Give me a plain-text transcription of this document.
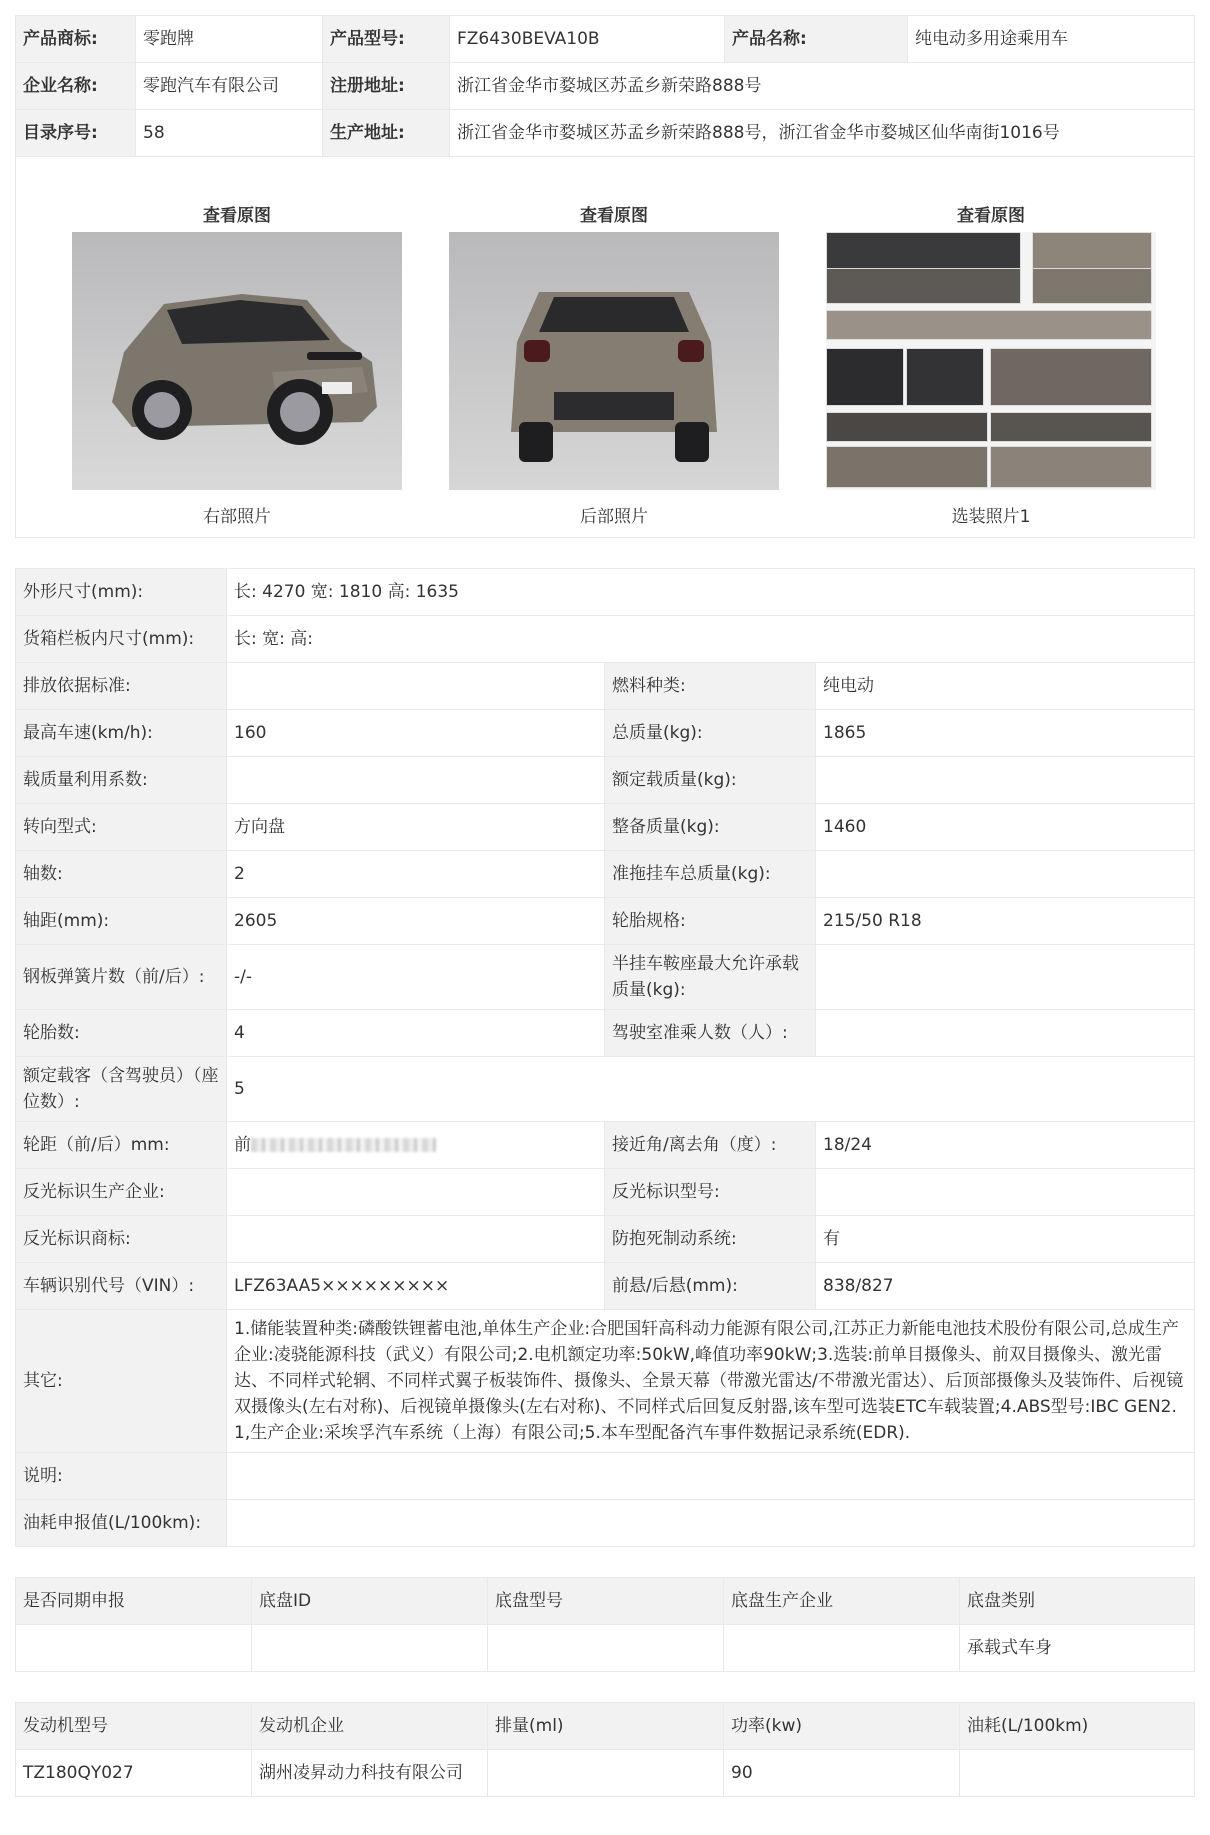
产品商标:	零跑牌	产品型号:	FZ6430BEVA10B	产品名称:	纯电动多用途乘用车
企业名称:	零跑汽车有限公司	注册地址:	浙江省金华市婺城区苏孟乡新荣路888号		
目录序号:	58	生产地址:	浙江省金华市婺城区苏孟乡新荣路888号，浙江省金华市婺城区仙华南街1016号		
查看原图
右部照片
查看原图
后部照片
查看原图
选装照片1
外形尺寸(mm):	长: 4270 宽: 1810 高: 1635		
货箱栏板内尺寸(mm):	长: 宽: 高:		
排放依据标准:		燃料种类:	纯电动
最高车速(km/h):	160	总质量(kg):	1865
载质量利用系数:		额定载质量(kg):	
转向型式:	方向盘	整备质量(kg):	1460
轴数:	2	准拖挂车总质量(kg):	
轴距(mm):	2605	轮胎规格:	215/50 R18
钢板弹簧片数（前/后）:	-/-	半挂车鞍座最大允许承载质量(kg):	
轮胎数:	4	驾驶室准乘人数（人）:	
额定载客（含驾驶员）（座位数）:	5		
轮距（前/后）mm:	前	接近角/离去角（度）:	18/24
反光标识生产企业:		反光标识型号:	
反光标识商标:		防抱死制动系统:	有
车辆识别代号（VIN）:	LFZ63AA5×××××××××	前悬/后悬(mm):	838/827
其它:	1.储能装置种类:磷酸铁锂蓄电池,单体生产企业:合肥国轩高科动力能源有限公司,江苏正力新能电池技术股份有限公司,总成生产企业:凌骁能源科技（武义）有限公司;2.电机额定功率:50kW,峰值功率90kW;3.选装:前单目摄像头、前双目摄像头、激光雷达、不同样式轮辋、不同样式翼子板装饰件、摄像头、全景天幕（带激光雷达/不带激光雷达）、后顶部摄像头及装饰件、后视镜双摄像头(左右对称)、后视镜单摄像头(左右对称)、不同样式后回复反射器,该车型可选装ETC车载装置;4.ABS型号:IBC GEN2.1,生产企业:采埃孚汽车系统（上海）有限公司;5.本车型配备汽车事件数据记录系统(EDR).		
说明:			
油耗申报值(L/100km):			
是否同期申报	底盘ID	底盘型号	底盘生产企业	底盘类别
				承载式车身
发动机型号	发动机企业	排量(ml)	功率(kw)	油耗(L/100km)
TZ180QY027	湖州凌昇动力科技有限公司		90	
